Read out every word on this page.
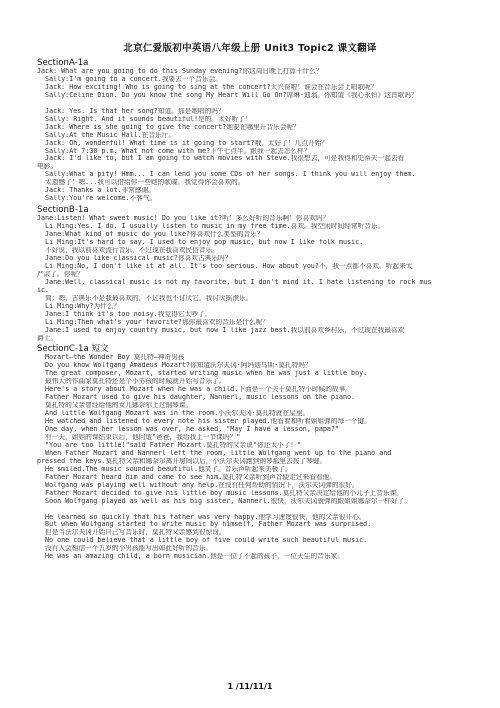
北京仁爱版初中英语八年级上册 Unit3 Topic2 课文翻译
SectionA-1a
Jack: What are you going to do this Sunday evening?你这周日晚上打算干什么？
Sally:I'm going to a concert.我要去一个音乐会。
Jack: How exciting! Who is going to sing at the concert?太兴奋啦！谁会在音乐会上唱歌呢？
Sally:Celine Dion. Do you know the song My Heart Will Go On?席琳·迪翁。你知道《我心永恒》这首歌吗？

Jack: Yes. Is that her song?知道。那是她唱的吗？
Sally: Right. And it sounds beautiful!是的。太好听了！
Jack: Where is she going to give the concert?她要在哪里开音乐会呢？
Sally:At the Music Hall.在音乐厅。
Jack: Oh, wonderful! What time is it going to start?哦，太好了！几点开始？
Sally:At 7:30 p.m. What not come with me?下午七点半。跟我一起去怎么样？
Jack: I'd like to, but I am going to watch movies with Steve.我很想去，可是我得和史蒂夫一起去看
电影。
Sally:What a pity! Hmm... I can lend you some CDs of her songs. I think you will enjoy them.
太遗憾了！嗯...我可以借给你一些她的歌碟。我觉得你会喜欢的。
Jack: Thanks a lot.非常感谢。
Sally:You're welcome.不客气。
SectionB-1a
Jane:Listen! What sweet music! Do you like it?听！多么好听的音乐啊！你喜欢吗？
Li Ming:Yes. I do. I usually listen to music in my free time.喜欢。我空闲时间经常听音乐。
Jane:What kind of music do you like?你喜欢什么类型的音乐？
Li Ming:It's hard to say. I used to enjoy pop music, but now I like folk music.
不好说，我以前喜欢流行音乐，不过现在我喜欢民俗音乐。
Jane:Do you like classical music?你喜欢古典乐吗？
Li Ming:No, I don't like it at all. It's too serious. How about you?不，我一点都不喜欢。听起来太
严肃了。你呢？
Jane:Well, classical music is not my favorite, but I don't mind it. I hate listening to rock mus
ic.
简：嗯，古典乐不是我最喜欢的，不过我也不讨厌它。我讨厌摇滚乐。
Li Ming:Why?为什么？
Jane:I think it's too noisy.我觉得它太吵了。
Li Ming:Then what's your favorite?那你最喜欢的音乐是什么呢？
Jane:I used to enjoy country music, but now I like jazz best.我以前喜欢乡村乐，不过现在我最喜欢
爵士。
SectionC-1a 短文
Mozart—the Wonder Boy 莫扎特—神奇男孩
Do you know Wolfgang Amadeus Mozart?你知道沃尔夫冈·阿玛迪乌斯·莫扎特吗？
The great composer, Mozart, started writing music when he was just a little boy.
最伟大的作曲家莫扎特还是个小男孩的时候就开始写音乐了。
Here's a story about Mozart when he was a child.下面是一个关于莫扎特小时候的故事。
Father Mozart used to give his daughter, Nannerl, music lessons on the piano.
莫扎特的父亲曾经给他的女儿娜奈尔上过钢琴课。
And little Wolfgang Mozart was in the room.小沃尔夫冈·莫扎特就在屋里。
He watched and listened to every note his sister played.他看着和听着姐姐弹的每一个键。
One day, when her lesson was over, he asked, "May I have a lesson, papa?"
有一天，姐姐的课结束以后，他问道"爸爸，我给我上一节课吗？"
"You are too little!"said Father Mozart.莫扎特的父亲说"你还太小了！"
When Father Mozart and Nannerl left the room, little Wolfgang went up to the piano and
pressed the keys.莫扎特父亲和娜奈尔离开房间以后，小沃尔夫冈跑到钢琴那里去按了琴键。
He smiled.The music sounded beautiful.他笑了。音乐声听起来美极了。
Father Mozart heard him and came to see him.莫扎特父亲听到声音便走过来看看他。
Wolfgang was playing well without any help.在没有任何帮助的情况下，沃尔夫冈弹的很好。
Father Mozart decided to give his little boy music lessons.莫扎特父亲决定给他的小儿子上音乐课。
Soon Wolfgang played as well as his big sister, Nannerl.很快，沃尔夫冈就弹的跟姐姐娜奈尔一样好了。

He learned so quickly that his father was very happy.他学习速度很快，他的父亲很开心。
But when Wolfgang started to write music by himself, Father Mozart was surprised.
但是当沃尔夫冈开始自己写音乐时，莫扎特父亲感到很惊讶。
No one could believe that a little boy of five could write such beautiful music.
没有人会相信一个五岁的小男孩能写出如此好听的音乐。
He was an amazing child, a born musician.他是一位了不起的孩子，一位天生的音乐家。
1 /11/11/1
